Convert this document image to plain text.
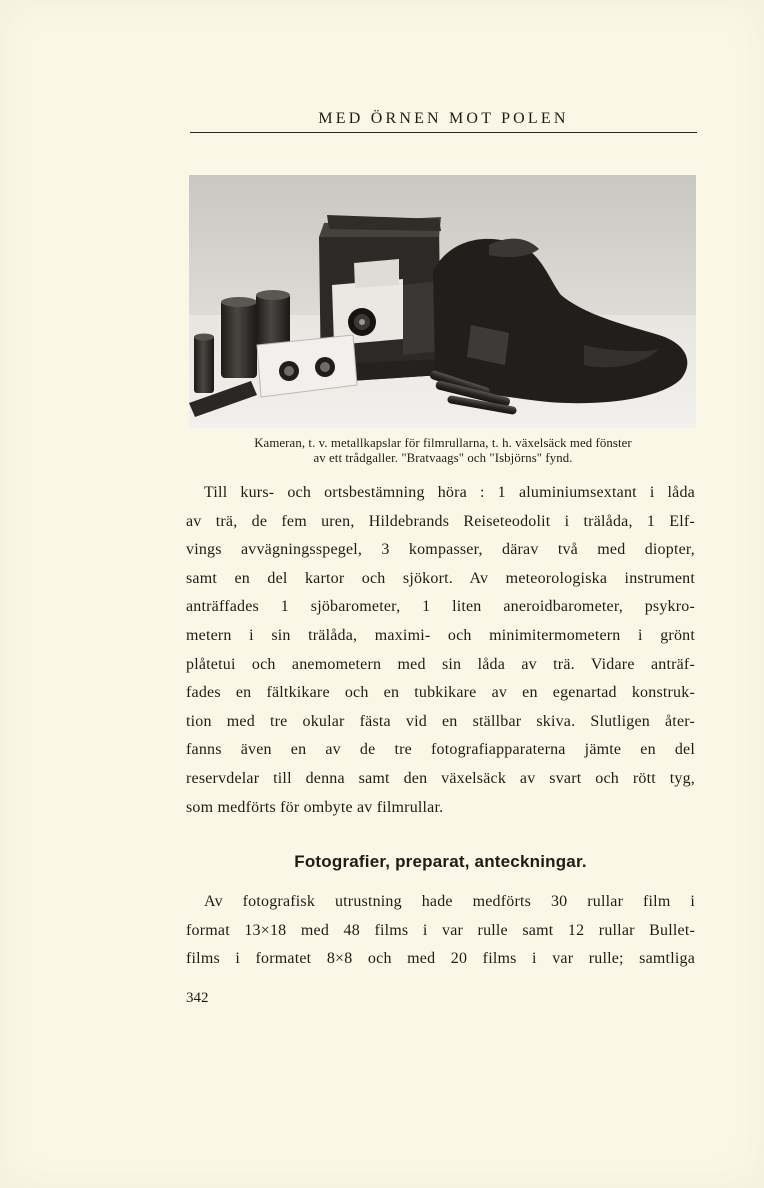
MED ÖRNEN MOT POLEN
Kameran, t. v. metallkapslar för filmrullarna, t. h. växelsäck med fönster
av ett trådgaller. "Bratvaags" och "Isbjörns" fynd.
Till kurs- och ortsbestämning höra : 1 aluminiumsextant i låda
av trä, de fem uren, Hildebrands Reiseteodolit i trälåda, 1 Elf-
vings avvägningsspegel, 3 kompasser, därav två med diopter,
samt en del kartor och sjökort. Av meteorologiska instrument
anträffades 1 sjöbarometer, 1 liten aneroidbarometer, psykro-
metern i sin trälåda, maximi- och minimitermometern i grönt
plåtetui och anemometern med sin låda av trä. Vidare anträf-
fades en fältkikare och en tubkikare av en egenartad konstruk-
tion med tre okular fästa vid en ställbar skiva. Slutligen åter-
fanns även en av de tre fotografiapparaterna jämte en del
reservdelar till denna samt den växelsäck av svart och rött tyg,
som medförts för ombyte av filmrullar.
Fotografier, preparat, anteckningar.
Av fotografisk utrustning hade medförts 30 rullar film i
format 13×18 med 48 films i var rulle samt 12 rullar Bullet-
films i formatet 8×8 och med 20 films i var rulle; samtliga
342
